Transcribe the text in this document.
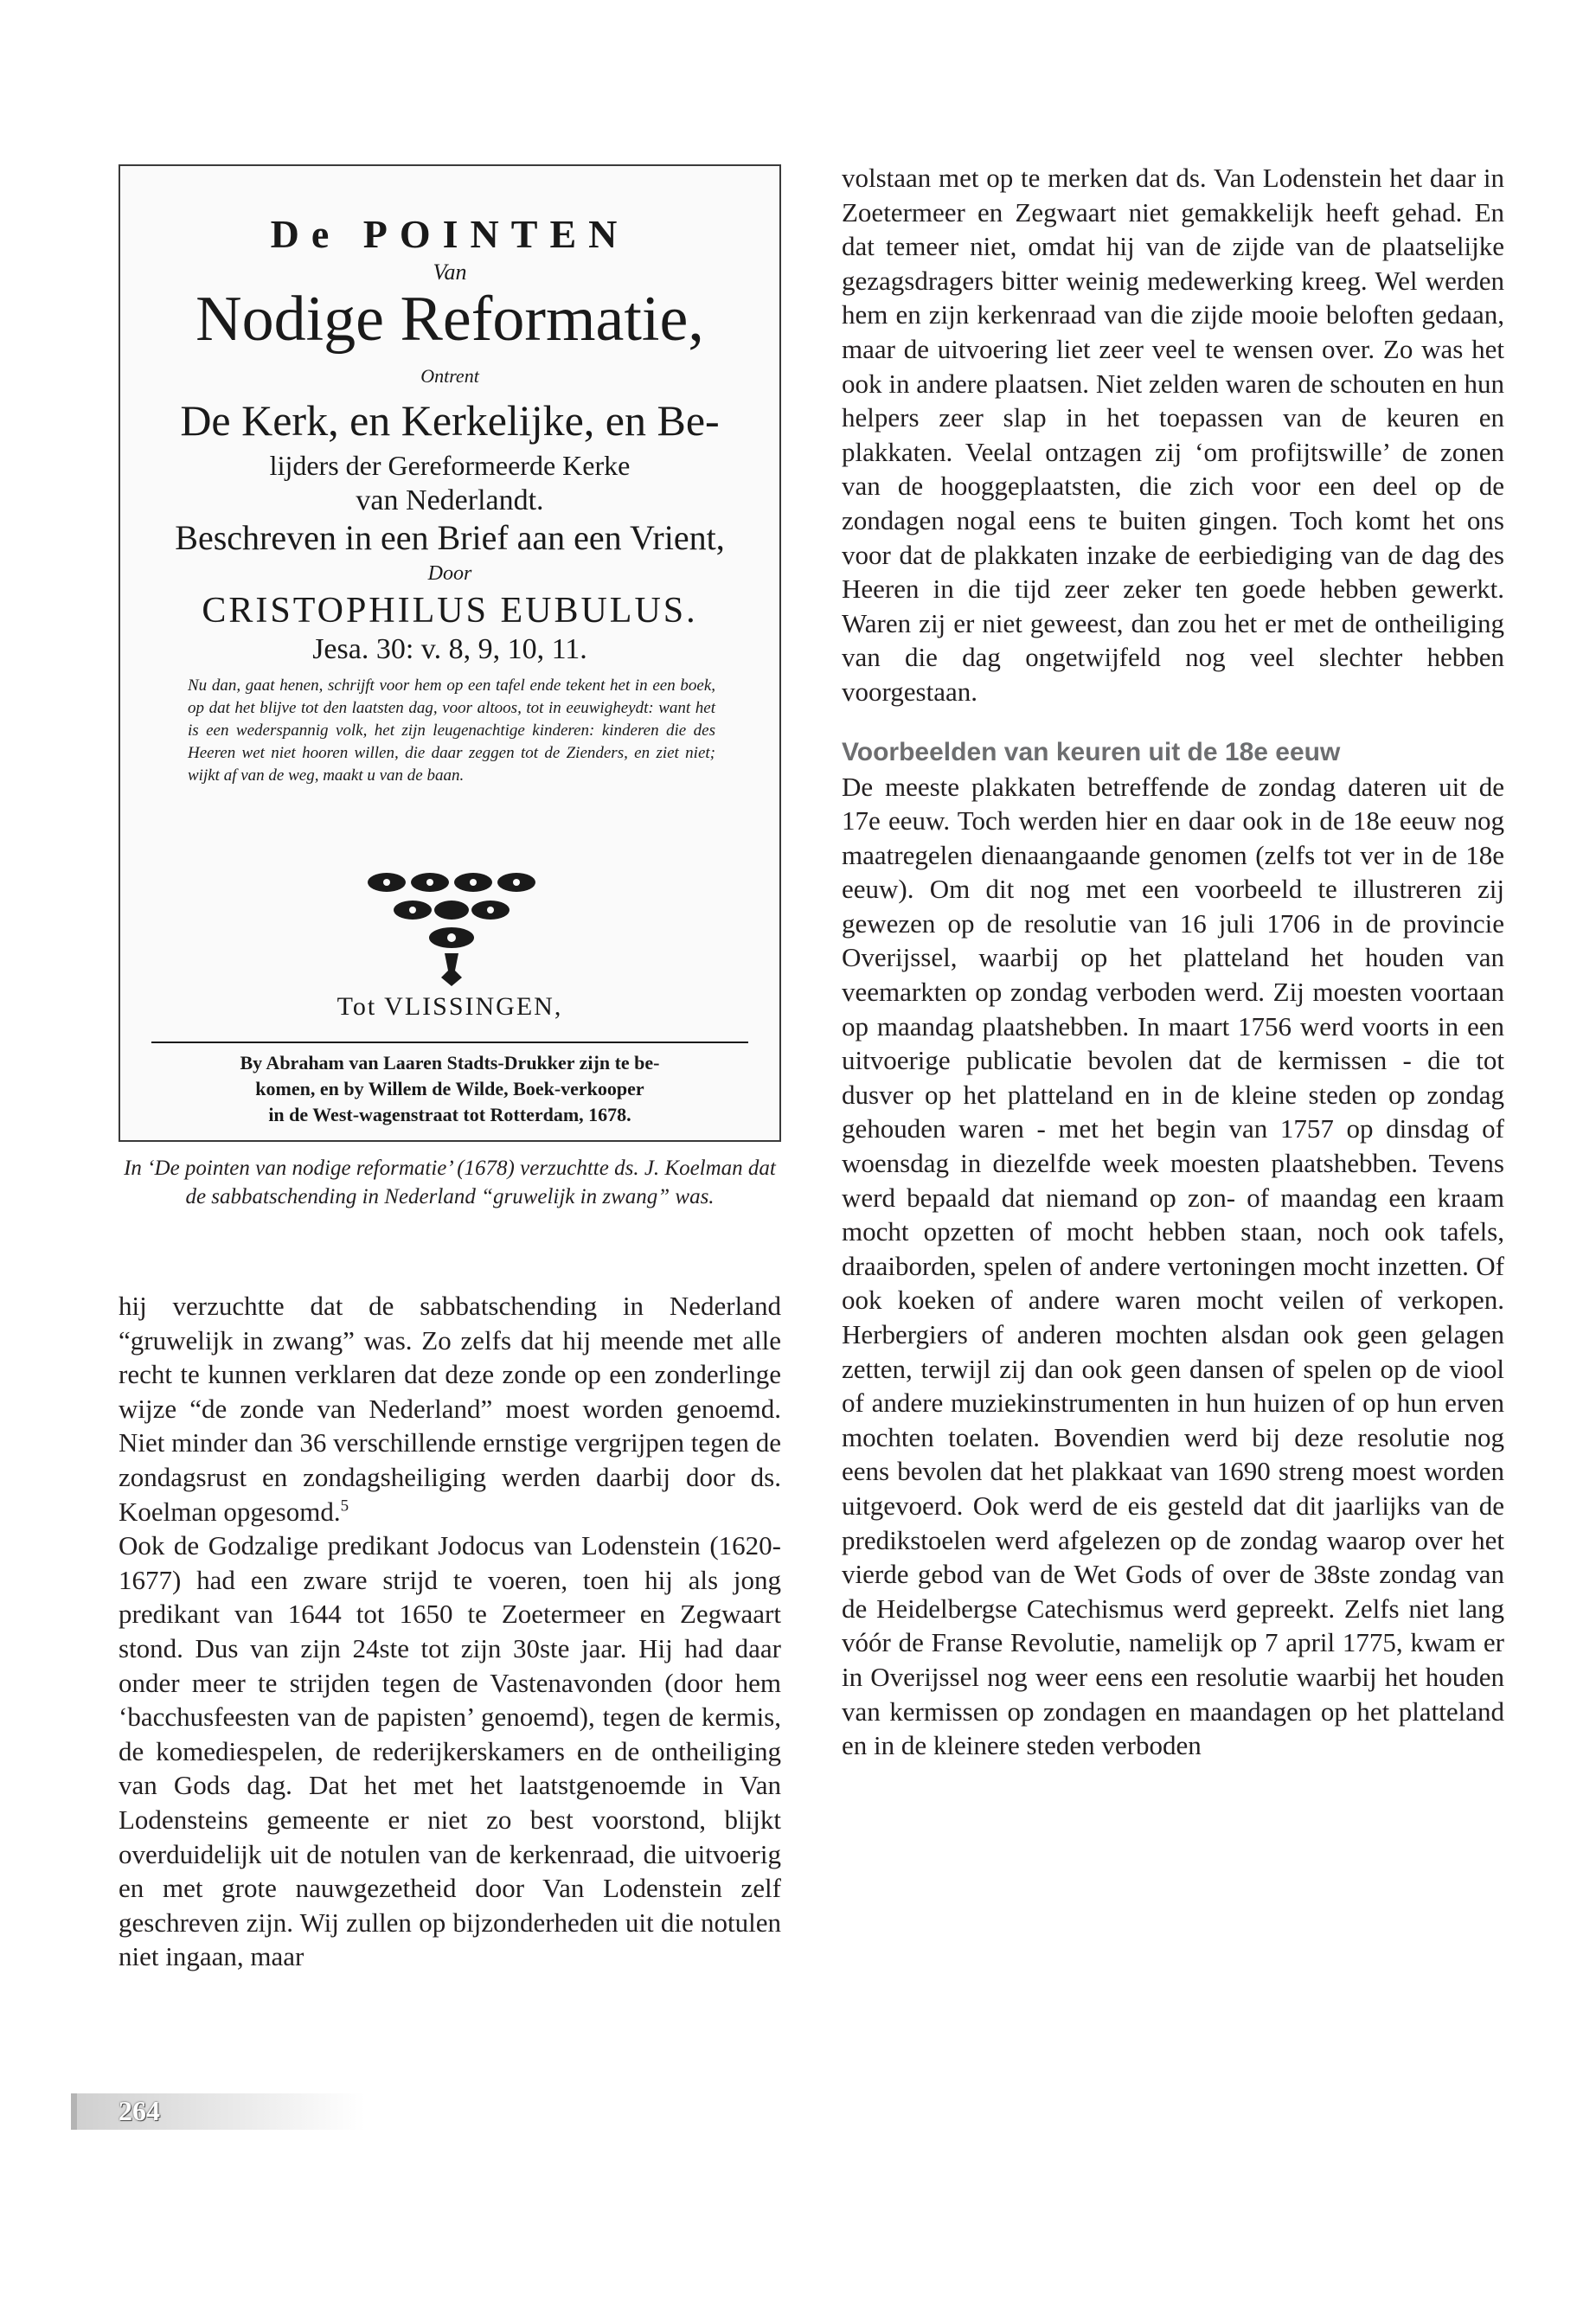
De POINTEN
Van
Nodige Reformatie,
Ontrent
De Kerk, en Kerkelijke, en Be-
lijders der Gereformeerde Kerke
van Nederlandt.
Beschreven in een Brief aan een Vrient,
Door
CRISTOPHILUS EUBULUS.
Jesa. 30: v. 8, 9, 10, 11.
Nu dan, gaat henen, schrijft voor hem op een tafel ende tekent het in een boek, op dat het blijve tot den laatsten dag, voor altoos, tot in eeuwigheydt: want het is een wederspannig volk, het zijn leugenachtige kinderen: kinderen die des Heeren wet niet hooren willen, die daar zeggen tot de Zienders, en ziet niet; wijkt af van de weg, maakt u van de baan.
Tot VLISSINGEN,
By Abraham van Laaren Stadts-Drukker zijn te be-
komen, en by Willem de Wilde, Boek-verkooper
in de West-wagenstraat tot Rotterdam, 1678.
In ‘De pointen van nodige reformatie’ (1678) verzuchtte ds. J. Koelman dat de sabbatschending in Nederland “gruwelijk in zwang” was.

hij verzuchtte dat de sabbatschending in Nederland “gruwelijk in zwang” was. Zo zelfs dat hij meende met alle recht te kunnen verklaren dat deze zonde op een zonderlinge wijze “de zonde van Nederland” moest worden genoemd. Niet minder dan 36 verschillende ernstige vergrijpen tegen de zondagsrust en zondagsheiliging werden daarbij door ds. Koelman opgesomd.$^5$

Ook de Godzalige predikant Jodocus van Lodenstein (1620-1677) had een zware strijd te voeren, toen hij als jong predikant van 1644 tot 1650 te Zoetermeer en Zegwaart stond. Dus van zijn 24ste tot zijn 30ste jaar. Hij had daar onder meer te strijden tegen de Vastenavonden (door hem ‘bacchusfeesten van de papisten’ genoemd), tegen de kermis, de komediespelen, de rederijkerskamers en de ontheiliging van Gods dag. Dat het met het laatstgenoemde in Van Lodensteins gemeente er niet zo best voorstond, blijkt overduidelijk uit de notulen van de kerkenraad, die uitvoerig en met grote nauwgezetheid door Van Lodenstein zelf geschreven zijn. Wij zullen op bijzonderheden uit die notulen niet ingaan, maar

volstaan met op te merken dat ds. Van Lodenstein het daar in Zoetermeer en Zegwaart niet gemakkelijk heeft gehad. En dat temeer niet, omdat hij van de zijde van de plaatselijke gezagsdragers bitter weinig medewerking kreeg. Wel werden hem en zijn kerkenraad van die zijde mooie beloften gedaan, maar de uitvoering liet zeer veel te wensen over. Zo was het ook in andere plaatsen. Niet zelden waren de schouten en hun helpers zeer slap in het toepassen van de keuren en plakkaten. Veelal ontzagen zij ‘om profijtswille’ de zonen van de hooggeplaatsten, die zich voor een deel op de zondagen nogal eens te buiten gingen. Toch komt het ons voor dat de plakkaten inzake de eerbiediging van de dag des Heeren in die tijd zeer zeker ten goede hebben gewerkt. Waren zij er niet geweest, dan zou het er met de ontheiliging van die dag ongetwijfeld nog veel slechter hebben voorgestaan.

Voorbeelden van keuren uit de 18e eeuw

De meeste plakkaten betreffende de zondag dateren uit de 17e eeuw. Toch werden hier en daar ook in de 18e eeuw nog maatregelen dienaangaande genomen (zelfs tot ver in de 18e eeuw). Om dit nog met een voorbeeld te illustreren zij gewezen op de resolutie van 16 juli 1706 in de provincie Overijssel, waarbij op het platteland het houden van veemarkten op zondag verboden werd. Zij moesten voortaan op maandag plaatshebben. In maart 1756 werd voorts in een uitvoerige publicatie bevolen dat de kermissen - die tot dusver op het platteland en in de kleine steden op zondag gehouden waren - met het begin van 1757 op dinsdag of woensdag in diezelfde week moesten plaatshebben. Tevens werd bepaald dat niemand op zon- of maandag een kraam mocht opzetten of mocht hebben staan, noch ook tafels, draaiborden, spelen of andere vertoningen mocht inzetten. Of ook koeken of andere waren mocht veilen of verkopen. Herbergiers of anderen mochten alsdan ook geen gelagen zetten, terwijl zij dan ook geen dansen of spelen op de viool of andere muziekinstrumenten in hun huizen of op hun erven mochten toelaten. Bovendien werd bij deze resolutie nog eens bevolen dat het plakkaat van 1690 streng moest worden uitgevoerd. Ook werd de eis gesteld dat dit jaarlijks van de predikstoelen werd afgelezen op de zondag waarop over het vierde gebod van de Wet Gods of over de 38ste zondag van de Heidelbergse Catechismus werd gepreekt. Zelfs niet lang vóór de Franse Revolutie, namelijk op 7 april 1775, kwam er in Overijssel nog weer eens een resolutie waarbij het houden van kermissen op zondagen en maandagen op het platteland en in de kleinere steden verboden

264
